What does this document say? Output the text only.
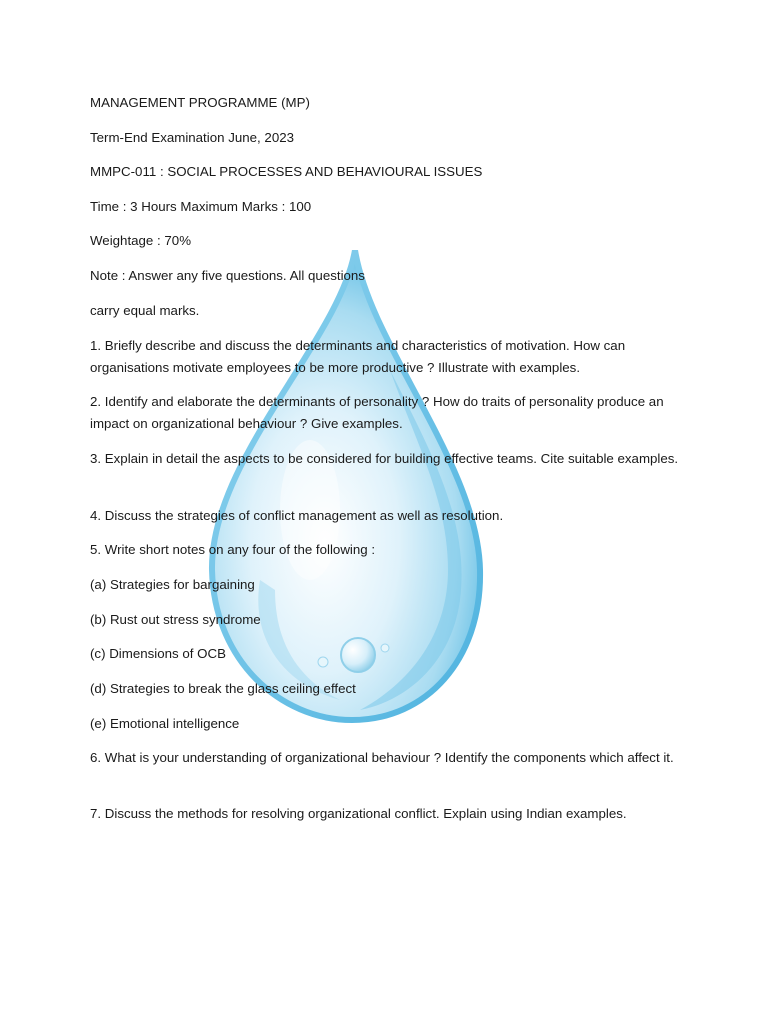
MANAGEMENT PROGRAMME (MP)

Term-End Examination June, 2023

MMPC-011 : SOCIAL PROCESSES AND BEHAVIOURAL ISSUES

Time : 3 Hours Maximum Marks : 100

Weightage : 70%

Note : Answer any five questions. All questions

carry equal marks.

1. Briefly describe and discuss the determinants and characteristics of motivation. How can organisations motivate employees to be more productive ? Illustrate with examples.

2. Identify and elaborate the determinants of personality ? How do traits of personality produce an impact on organizational behaviour ? Give examples.

3. Explain in detail the aspects to be considered for building effective teams. Cite suitable examples.

4. Discuss the strategies of conflict management as well as resolution.

5. Write short notes on any four of the following :

(a) Strategies for bargaining

(b) Rust out stress syndrome

(c) Dimensions of OCB

(d) Strategies to break the glass ceiling effect

(e) Emotional intelligence

6. What is your understanding of organizational behaviour ? Identify the components which affect it.

7. Discuss the methods for resolving organizational conflict. Explain using Indian examples.
